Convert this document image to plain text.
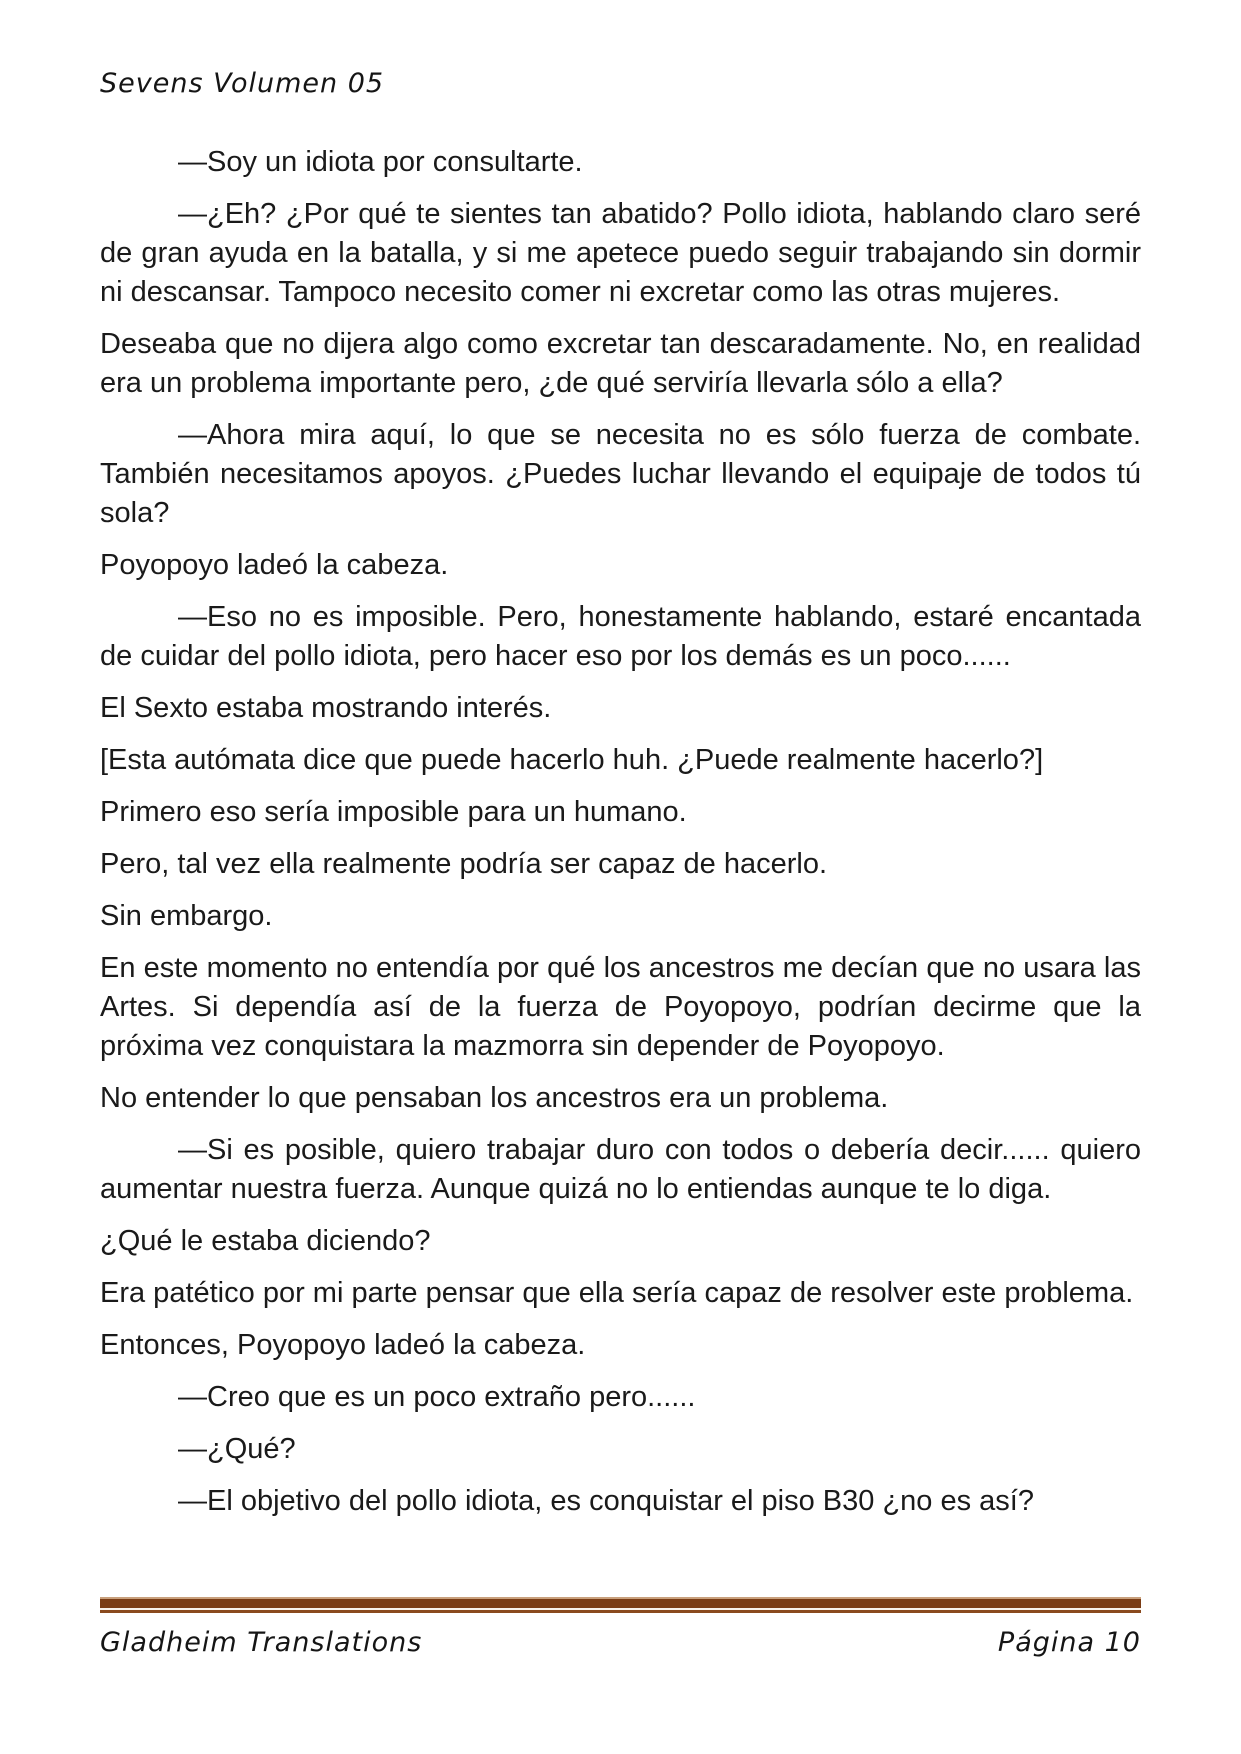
Sevens Volumen 05

—Soy un idiota por consultarte.

—¿Eh? ¿Por qué te sientes tan abatido? Pollo idiota, hablando claro seré de gran ayuda en la batalla, y si me apetece puedo seguir trabajando sin dormir ni descansar. Tampoco necesito comer ni excretar como las otras mujeres.

Deseaba que no dijera algo como excretar tan descaradamente. No, en realidad era un problema importante pero, ¿de qué serviría llevarla sólo a ella?

—Ahora mira aquí, lo que se necesita no es sólo fuerza de combate. También necesitamos apoyos. ¿Puedes luchar llevando el equipaje de todos tú sola?

Poyopoyo ladeó la cabeza.

—Eso no es imposible. Pero, honestamente hablando, estaré encantada de cuidar del pollo idiota, pero hacer eso por los demás es un poco......

El Sexto estaba mostrando interés.

[Esta autómata dice que puede hacerlo huh. ¿Puede realmente hacerlo?]

Primero eso sería imposible para un humano.

Pero, tal vez ella realmente podría ser capaz de hacerlo.

Sin embargo.

En este momento no entendía por qué los ancestros me decían que no usara las Artes. Si dependía así de la fuerza de Poyopoyo, podrían decirme que la próxima vez conquistara la mazmorra sin depender de Poyopoyo.

No entender lo que pensaban los ancestros era un problema.

—Si es posible, quiero trabajar duro con todos o debería decir...... quiero aumentar nuestra fuerza. Aunque quizá no lo entiendas aunque te lo diga.

¿Qué le estaba diciendo?

Era patético por mi parte pensar que ella sería capaz de resolver este problema.

Entonces, Poyopoyo ladeó la cabeza.

—Creo que es un poco extraño pero......

—¿Qué?

—El objetivo del pollo idiota, es conquistar el piso B30 ¿no es así?

Gladheim Translations	Página 10
